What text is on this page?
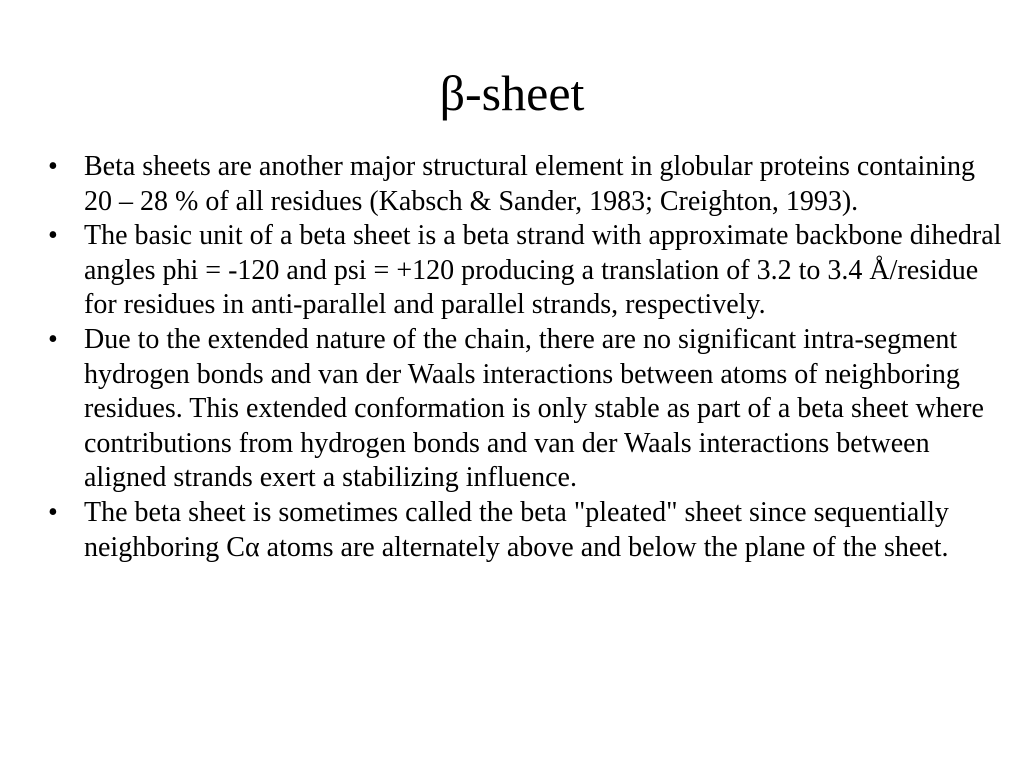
β-sheet
• Beta sheets are another major structural element in globular proteins containing 20 – 28 % of all residues (Kabsch & Sander, 1983; Creighton, 1993).
• The basic unit of a beta sheet is a beta strand with approximate backbone dihedral angles phi = -120 and psi = +120 producing a translation of 3.2 to 3.4 Å/residue for residues in anti-parallel and parallel strands, respectively.
• Due to the extended nature of the chain, there are no significant intra-segment hydrogen bonds and van der Waals interactions between atoms of neighboring residues. This extended conformation is only stable as part of a beta sheet where contributions from hydrogen bonds and van der Waals interactions between aligned strands exert a stabilizing influence.
• The beta sheet is sometimes called the beta "pleated" sheet since sequentially neighboring Cα atoms are alternately above and below the plane of the sheet.
